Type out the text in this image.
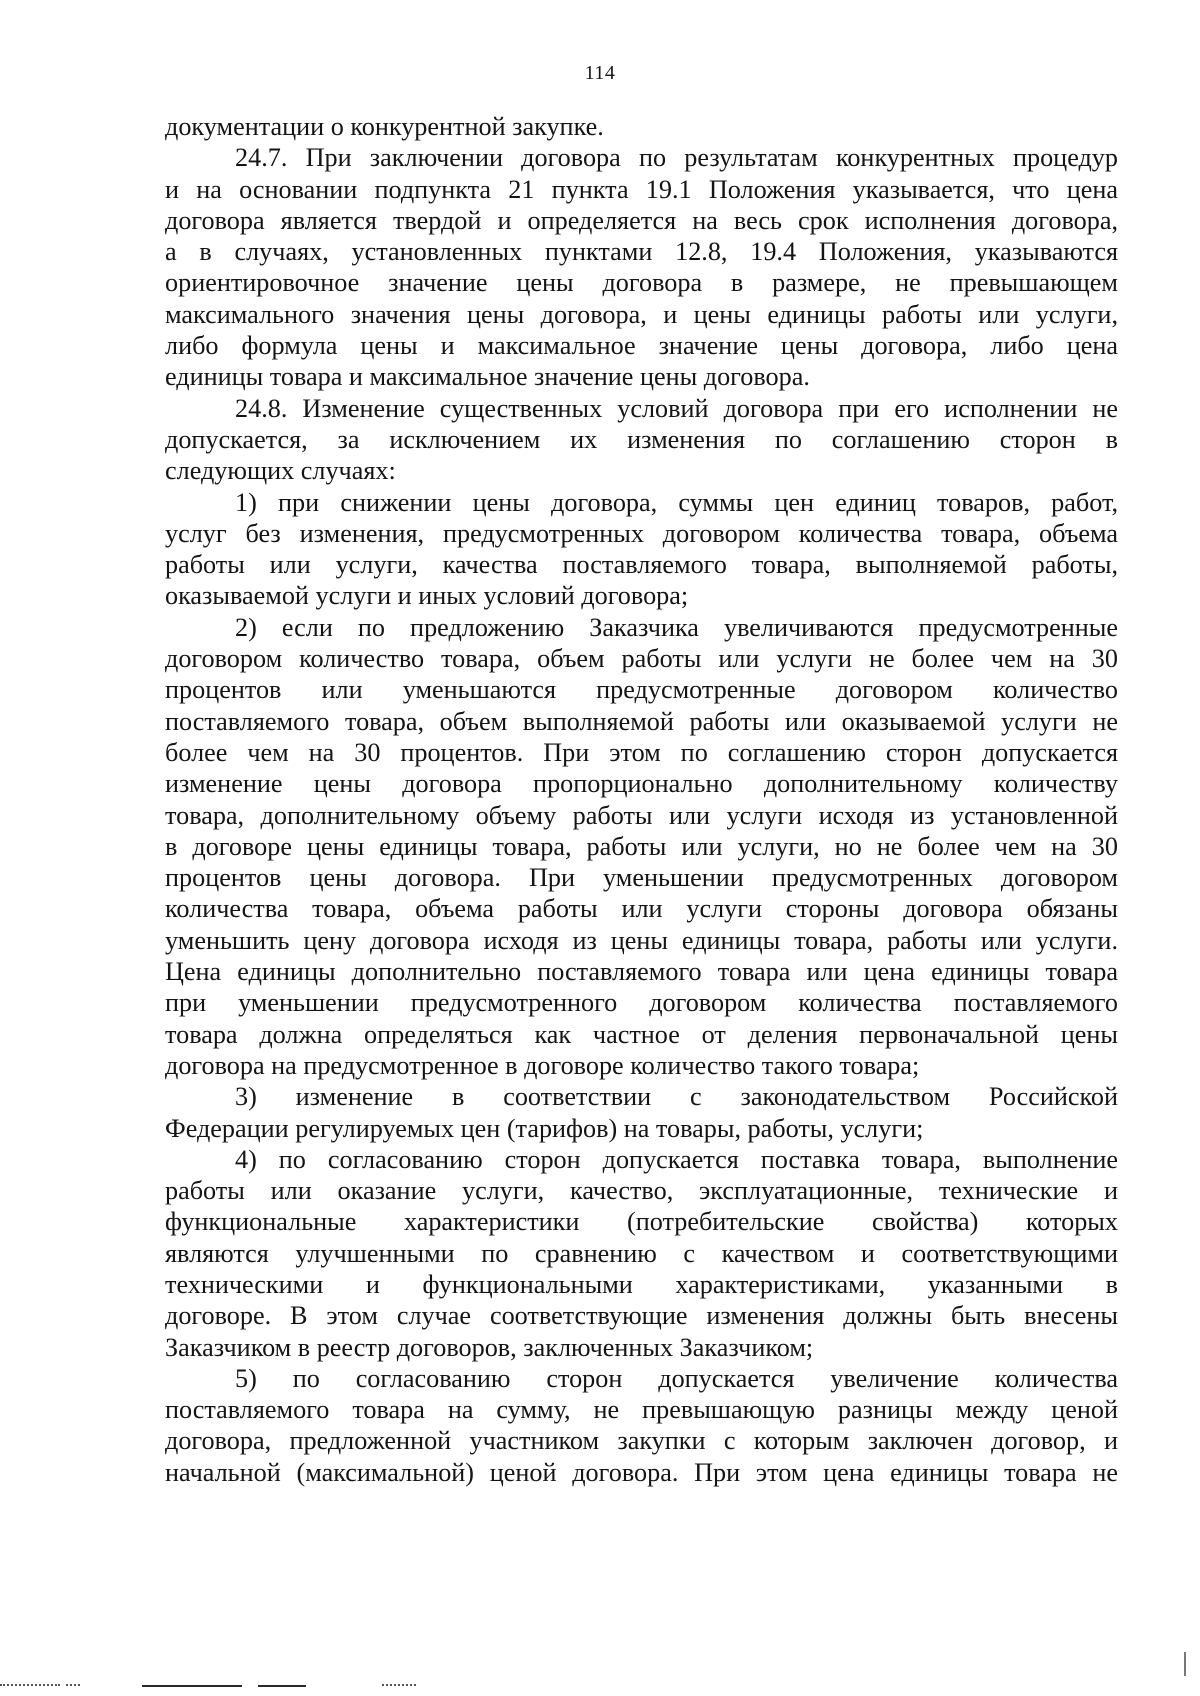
114

документации о конкурентной закупке.

24.7. При заключении договора по результатам конкурентных процедур

и на основании подпункта 21 пункта 19.1 Положения указывается, что цена

договора является твердой и определяется на весь срок исполнения договора,

а в случаях, установленных пунктами 12.8, 19.4 Положения, указываются

ориентировочное значение цены договора в размере, не превышающем

максимального значения цены договора, и цены единицы работы или услуги,

либо формула цены и максимальное значение цены договора, либо цена

единицы товара и максимальное значение цены договора.

24.8. Изменение существенных условий договора при его исполнении не

допускается, за исключением их изменения по соглашению сторон в

следующих случаях:

1) при снижении цены договора, суммы цен единиц товаров, работ,

услуг без изменения, предусмотренных договором количества товара, объема

работы или услуги, качества поставляемого товара, выполняемой работы,

оказываемой услуги и иных условий договора;

2) если по предложению Заказчика увеличиваются предусмотренные

договором количество товара, объем работы или услуги не более чем на 30

процентов или уменьшаются предусмотренные договором количество

поставляемого товара, объем выполняемой работы или оказываемой услуги не

более чем на 30 процентов. При этом по соглашению сторон допускается

изменение цены договора пропорционально дополнительному количеству

товара, дополнительному объему работы или услуги исходя из установленной

в договоре цены единицы товара, работы или услуги, но не более чем на 30

процентов цены договора. При уменьшении предусмотренных договором

количества товара, объема работы или услуги стороны договора обязаны

уменьшить цену договора исходя из цены единицы товара, работы или услуги.

Цена единицы дополнительно поставляемого товара или цена единицы товара

при уменьшении предусмотренного договором количества поставляемого

товара должна определяться как частное от деления первоначальной цены

договора на предусмотренное в договоре количество такого товара;

3) изменение в соответствии с законодательством Российской

Федерации регулируемых цен (тарифов) на товары, работы, услуги;

4) по согласованию сторон допускается поставка товара, выполнение

работы или оказание услуги, качество, эксплуатационные, технические и

функциональные характеристики (потребительские свойства) которых

являются улучшенными по сравнению с качеством и соответствующими

техническими и функциональными характеристиками, указанными в

договоре. В этом случае соответствующие изменения должны быть внесены

Заказчиком в реестр договоров, заключенных Заказчиком;

5) по согласованию сторон допускается увеличение количества

поставляемого товара на сумму, не превышающую разницы между ценой

договора, предложенной участником закупки с которым заключен договор, и

начальной (максимальной) ценой договора. При этом цена единицы товара не
